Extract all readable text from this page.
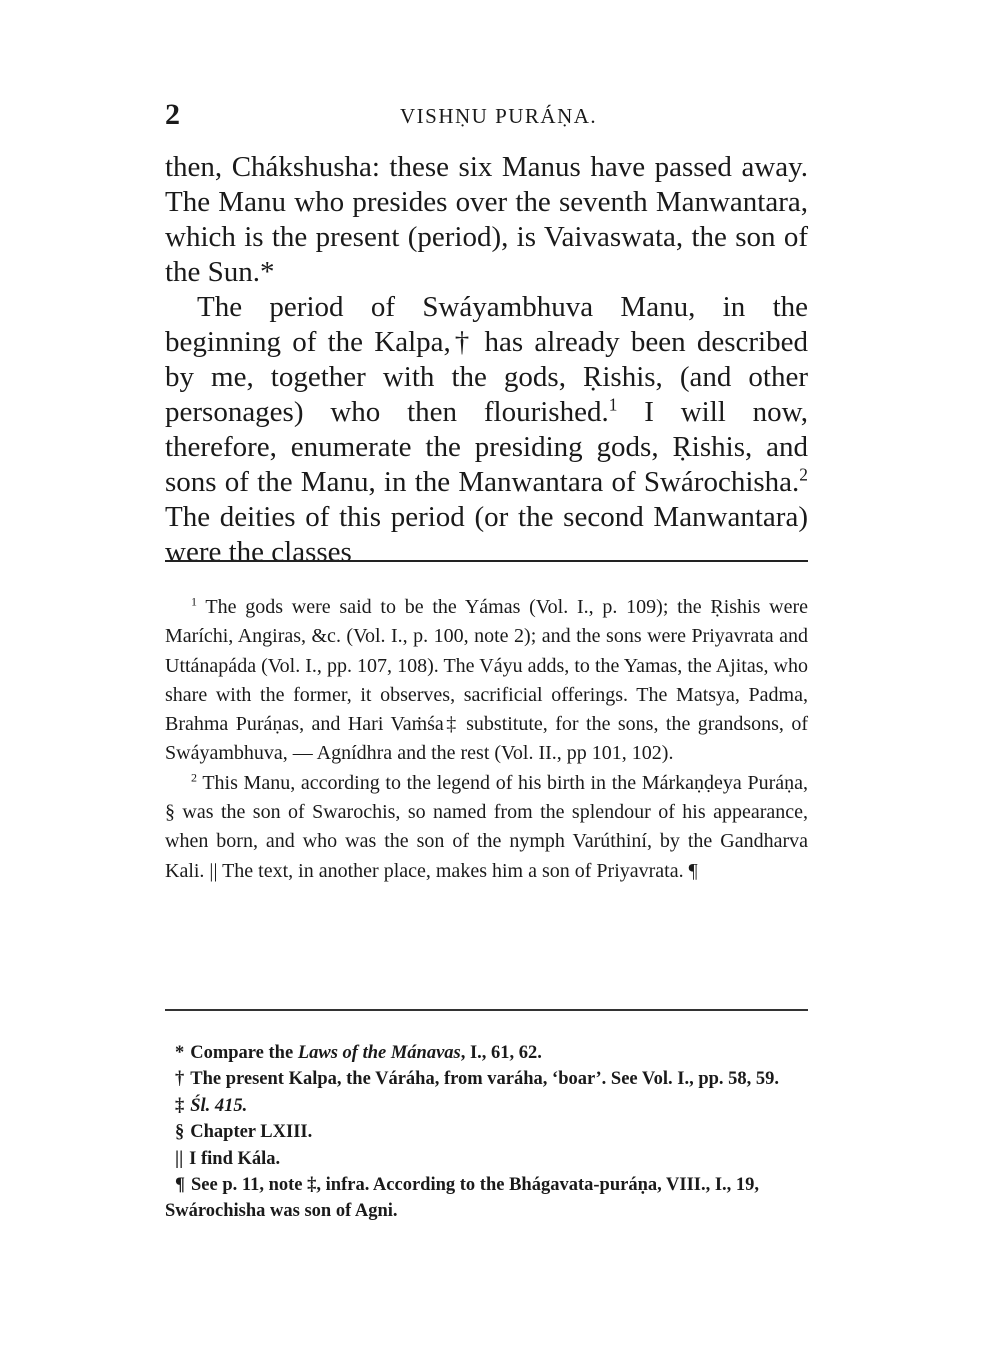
2	VISHṆU PURÁṆA.

then, Chákshusha: these six Manus have passed away. The Manu who presides over the seventh Manwantara, which is the present (period), is Vaivaswata, the son of the Sun.*

The period of Swáyambhuva Manu, in the beginning of the Kalpa,† has already been described by me, together with the gods, Ṛishis, (and other personages) who then flourished.$^1$ I will now, therefore, enumerate the presiding gods, Ṛishis, and sons of the Manu, in the Manwantara of Swárochisha.$^2$ The deities of this period (or the second Manwantara) were the classes

$^1$ The gods were said to be the Yámas (Vol. I., p. 109); the Ṛishis were Maríchi, Angiras, &c. (Vol. I., p. 100, note 2); and the sons were Priyavrata and Uttánapáda (Vol. I., pp. 107, 108). The Váyu adds, to the Yamas, the Ajitas, who share with the former, it observes, sacrificial offerings. The Matsya, Padma, Brahma Puráṇas, and Hari Vaṁśa‡ substitute, for the sons, the grandsons, of Swáyambhuva, — Agnídhra and the rest (Vol. II., pp 101, 102).

$^2$ This Manu, according to the legend of his birth in the Márkaṇḍeya Puráṇa, § was the son of Swarochis, so named from the splendour of his appearance, when born, and who was the son of the nymph Varúthiní, by the Gandharva Kali. || The text, in another place, makes him a son of Priyavrata. ¶

* Compare the Laws of the Mánavas, I., 61, 62.

† The present Kalpa, the Váráha, from varáha, ‘boar’. See Vol. I., pp. 58, 59.

‡ Śl. 415.

§ Chapter LXIII.

|| I find Kála.

¶ See p. 11, note ‡, infra. According to the Bhágavata-puráṇa, VIII., I., 19, Swárochisha was son of Agni.
